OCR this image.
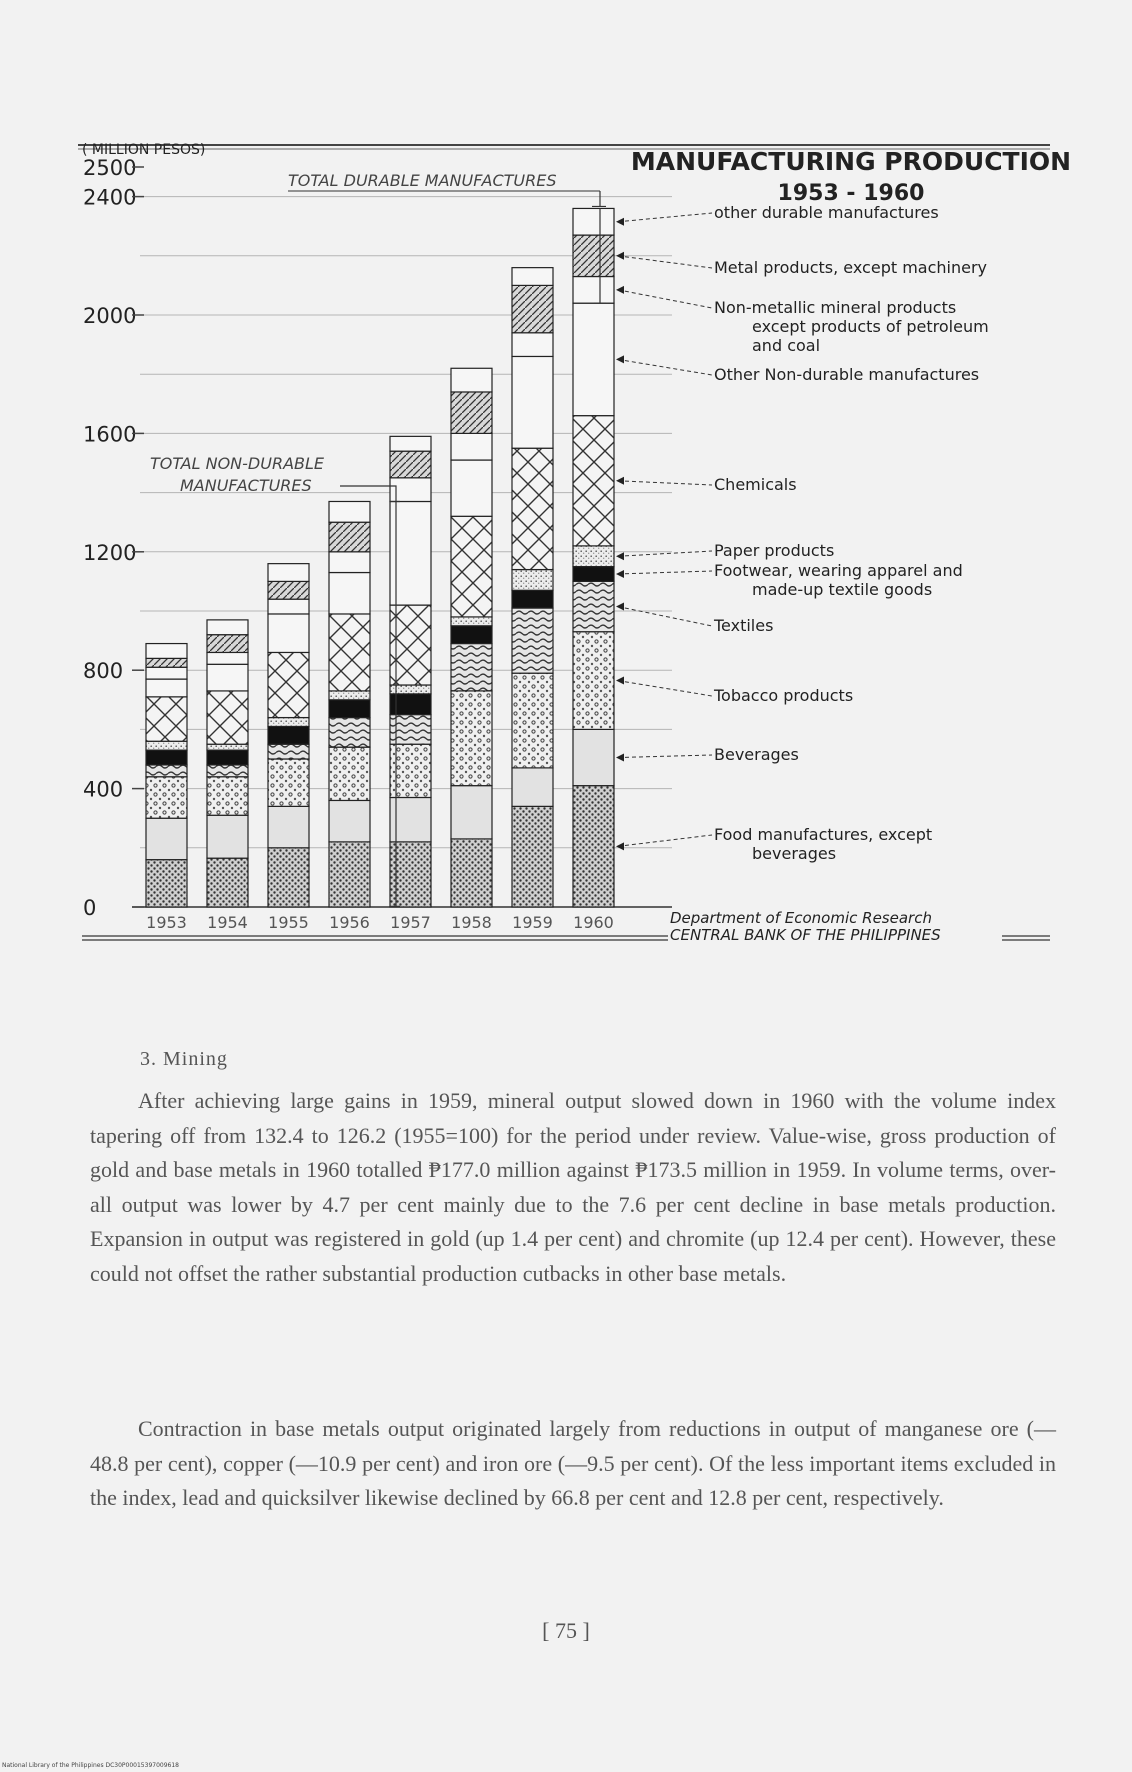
0
400
800
1200
1600
2000
2400
2500
1953 1954 1955 1956 1957 1958 1959 1960
other durable manufactures
Metal products, except machinery
Non-metallic mineral products
except products of petroleum
and coal
Other Non-durable manufactures
Chemicals
Paper products
Footwear, wearing apparel and
made-up textile goods
Textiles
Tobacco products
Beverages
Food manufactures, except
beverages
TOTAL DURABLE MANUFACTURES
TOTAL NON-DURABLE
MANUFACTURES
( MILLION PESOS)	MANUFACTURING PRODUCTION
1953 - 1960
Department of Economic Research
CENTRAL BANK OF THE PHILIPPINES
3. Mining

After achieving large gains in 1959, mineral output slowed down in 1960 with the volume index tapering off from 132.4 to 126.2 (1955=100) for the period under review. Value-wise, gross production of gold and base metals in 1960 totalled ₱177.0 million against ₱173.5 million in 1959. In volume terms, over-all output was lower by 4.7 per cent mainly due to the 7.6 per cent decline in base metals production. Expansion in output was registered in gold (up 1.4 per cent) and chromite (up 12.4 per cent). However, these could not offset the rather substantial production cutbacks in other base metals.

Contraction in base metals output originated largely from reductions in output of manganese ore (—48.8 per cent), copper (—10.9 per cent) and iron ore (—9.5 per cent). Of the less important items excluded in the index, lead and quicksilver likewise declined by 66.8 per cent and 12.8 per cent, respectively.

[ 75 ]
National Library of the Philippines DC30P00015397009618
